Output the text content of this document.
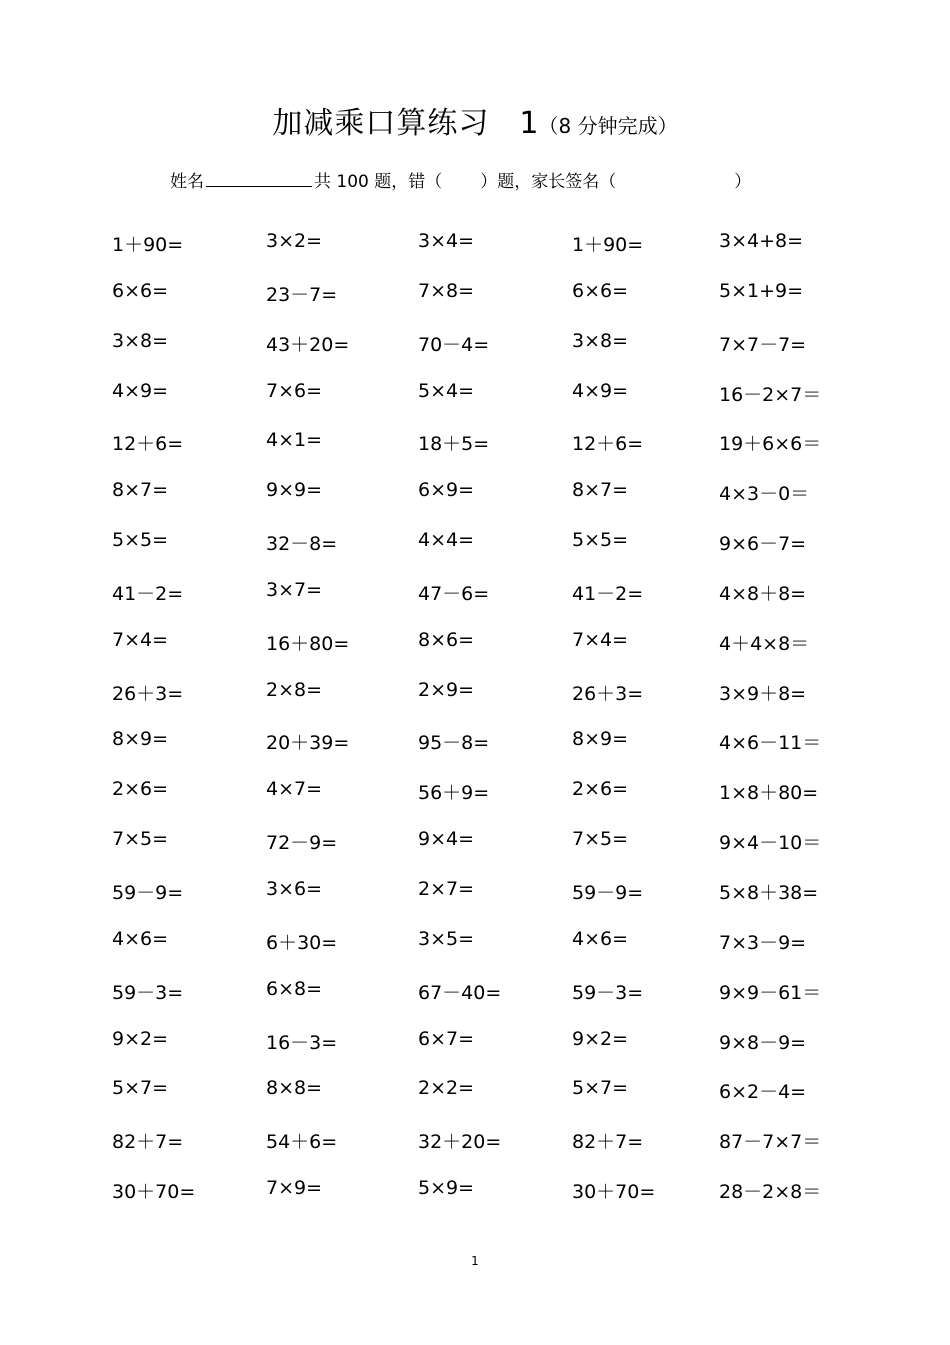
加减乘口算练习 1（8 分钟完成）
姓名	共 100 题，错（ ）题，家长签名（	）
1＋90=	3×2=	3×4=	1＋90=	3×4+8=
6×6=	23－7=	7×8=	6×6=	5×1+9=
3×8=	43＋20=	70－4=	3×8=	7×7－7=
4×9=	7×6=	5×4=	4×9=	16－2×7＝
12＋6=	4×1=	18＋5=	12＋6=	19＋6×6＝
8×7=	9×9=	6×9=	8×7=	4×3－0＝
5×5=	32－8=	4×4=	5×5=	9×6－7=
41－2=	3×7=	47－6=	41－2=	4×8＋8=
7×4=	16＋80=	8×6=	7×4=	4＋4×8＝
26＋3=	2×8=	2×9=	26＋3=	3×9＋8=
8×9=	20＋39=	95－8=	8×9=	4×6－11＝
2×6=	4×7=	56＋9=	2×6=	1×8＋80=
7×5=	72－9=	9×4=	7×5=	9×4－10＝
59－9=	3×6=	2×7=	59－9=	5×8＋38=
4×6=	6＋30=	3×5=	4×6=	7×3－9=
59－3=	6×8=	67－40=	59－3=	9×9－61＝
9×2=	16－3=	6×7=	9×2=	9×8－9=
5×7=	8×8=	2×2=	5×7=	6×2－4=
82＋7=	54＋6=	32＋20=	82＋7=	87－7×7＝
30＋70=	7×9=	5×9=	30＋70=	28－2×8＝
1
